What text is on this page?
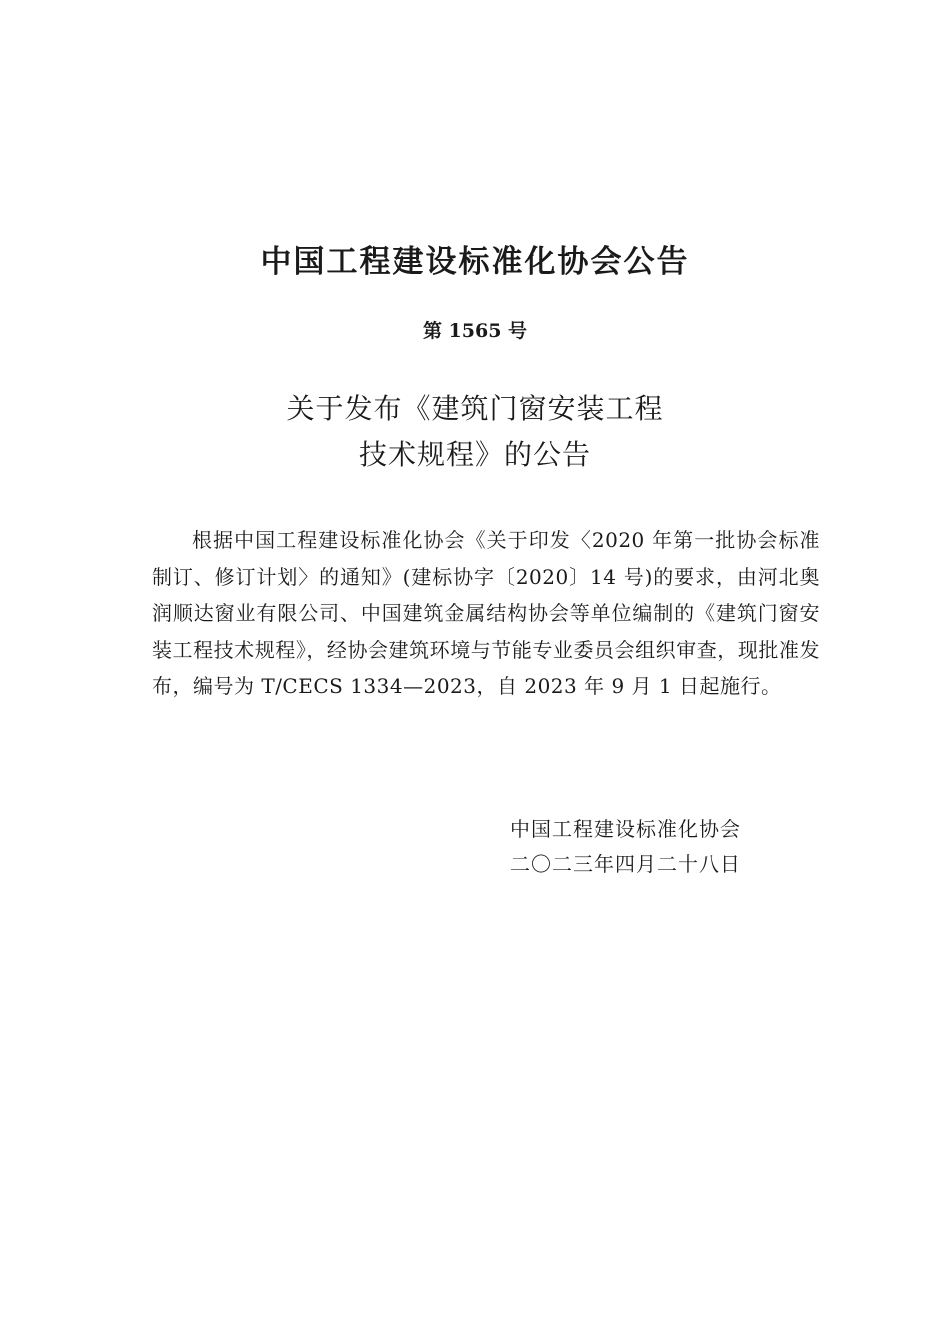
中国工程建设标准化协会公告
第 1565 号
关于发布《建筑门窗安装工程
技术规程》的公告

根据中国工程建设标准化协会《关于印发〈2020 年第一批协会标准制订、修订计划〉的通知》(建标协字〔2020〕14 号)的要求，由河北奥润顺达窗业有限公司、中国建筑金属结构协会等单位编制的《建筑门窗安装工程技术规程》，经协会建筑环境与节能专业委员会组织审查，现批准发布，编号为 T/CECS 1334—2023，自 2023 年 9 月 1 日起施行。

中国工程建设标准化协会
二〇二三年四月二十八日
